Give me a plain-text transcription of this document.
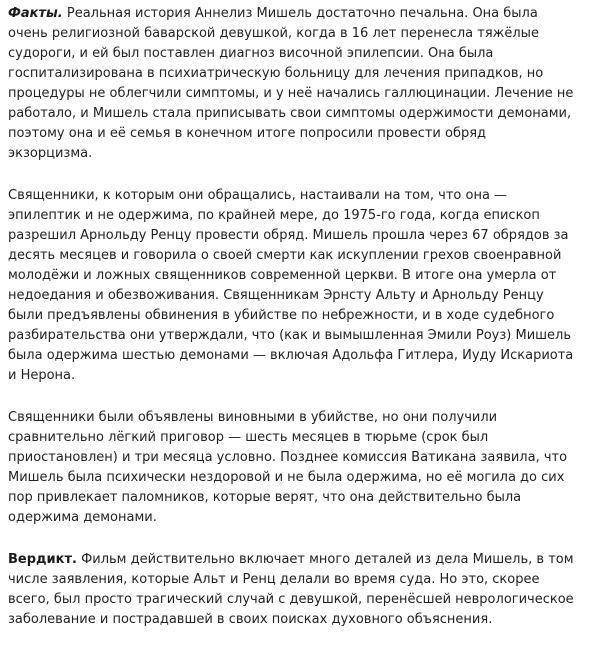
Факты. Реальная история Аннелиз Мишель достаточно печальна. Она была
очень религиозной баварской девушкой, когда в 16 лет перенесла тяжёлые
судороги, и ей был поставлен диагноз височной эпилепсии. Она была
госпитализирована в психиатрическую больницу для лечения припадков, но
процедуры не облегчили симптомы, и у неё начались галлюцинации. Лечение не
работало, и Мишель стала приписывать свои симптомы одержимости демонами,
поэтому она и её семья в конечном итоге попросили провести обряд
экзорцизма.

Священники, к которым они обращались, настаивали на том, что она —
эпилептик и не одержима, по крайней мере, до 1975-го года, когда епископ
разрешил Арнольду Ренцу провести обряд. Мишель прошла через 67 обрядов за
десять месяцев и говорила о своей смерти как искуплении грехов своенравной
молодёжи и ложных священников современной церкви. В итоге она умерла от
недоедания и обезвоживания. Священникам Эрнсту Альту и Арнольду Ренцу
были предъявлены обвинения в убийстве по небрежности, и в ходе судебного
разбирательства они утверждали, что (как и вымышленная Эмили Роуз) Мишель
была одержима шестью демонами — включая Адольфа Гитлера, Иуду Искариота
и Нерона.

Священники были объявлены виновными в убийстве, но они получили
сравнительно лёгкий приговор — шесть месяцев в тюрьме (срок был
приостановлен) и три месяца условно. Позднее комиссия Ватикана заявила, что
Мишель была психически нездоровой и не была одержима, но её могила до сих
пор привлекает паломников, которые верят, что она действительно была
одержима демонами.

Вердикт. Фильм действительно включает много деталей из дела Мишель, в том
числе заявления, которые Альт и Ренц делали во время суда. Но это, скорее
всего, был просто трагический случай с девушкой, перенёсшей неврологическое
заболевание и пострадавшей в своих поисках духовного объяснения.
